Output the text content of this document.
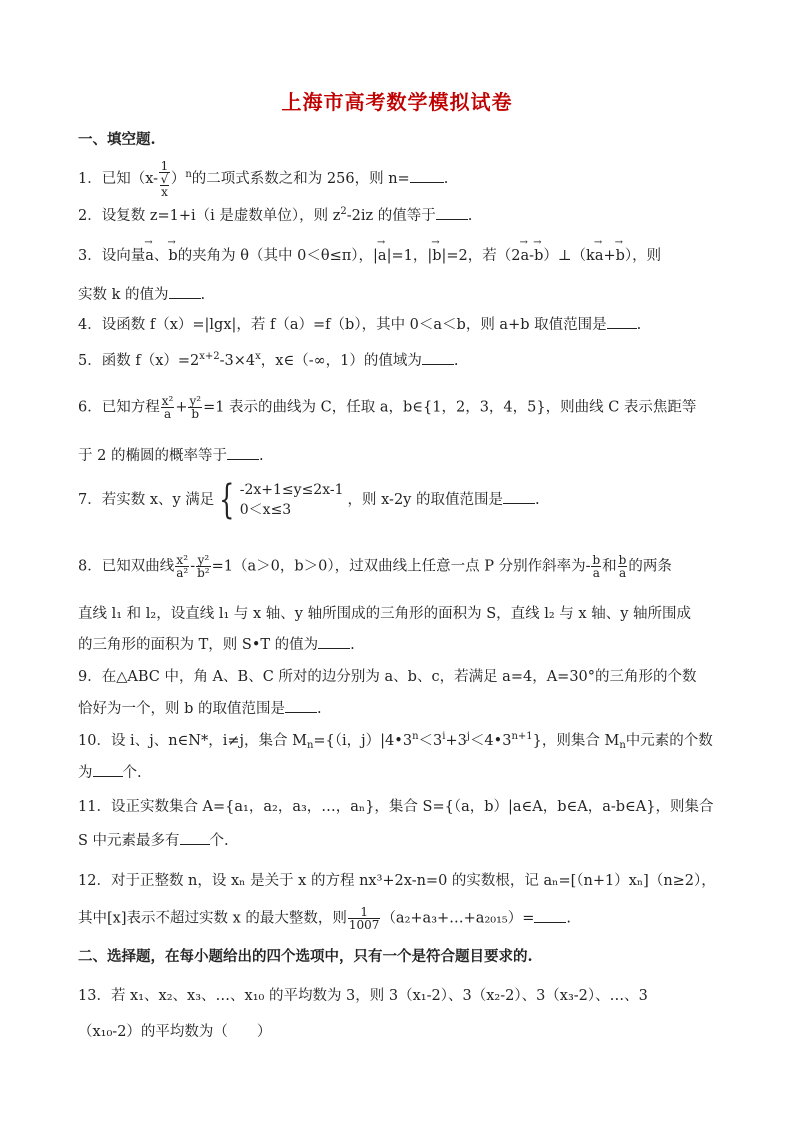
上海市高考数学模拟试卷
一、填空题.
1．已知（x- 1
√
x ）$^n$的二项式系数之和为 256，则 n= .
2．设复数 z=1+i（i 是虚数单位），则 $z^2-2iz$ 的值等于 .
3．设向量→ a、→ b的夹角为 θ（其中 0＜θ≤π），|→ a|=1，|→ b|=2，若（2→ a-→ b）⊥（k→ a+→ b），则
实数 k 的值为 .
4．设函数 f（x）=|lgx|，若 f（a）=f（b），其中 0＜a＜b，则 a+b 取值范围是 .
5．函数 $f(x)=2^{x+2}-3\times 4^x$，x∈（-∞，1）的值域为 .
6．已知方程 $\frac{\text{x²}}{a} + \frac{\text{y²}}{b} =1$ 表示的曲线为 C，任取 a，b∈{1，2，3，4，5}，则曲线 C 表示焦距等
于 2 的椭圆的概率等于 .
7．若实数 x、y 满足 { -2x+1≤y≤2x-1
0＜x≤3
，则 x-2y 的取值范围是 .
8．已知双曲线 $\frac{\text{x²}}{\text{a²}} - \frac{\text{y²}}{\text{b²}} =1(a>0$，b＞0），过双曲线上任意一点 P 分别作斜率为- $\frac{b}{a}$ 和 $\frac{b}{a}$ 的两条
直线 l₁ 和 l₂，设直线 l₁ 与 x 轴、y 轴所围成的三角形的面积为 S，直线 l₂ 与 x 轴、y 轴所围成
的三角形的面积为 T，则 S•T 的值为 .
9．在△ABC 中，角 A、B、C 所对的边分别为 a、b、c，若满足 a=4，A=30°的三角形的个数
恰好为一个，则 b 的取值范围是 .
10．设 i、j、n∈N*，i≠j，集合 $M_n=\{(i$，$j)|4•3^n<3^i+3^j<4•3^{n+1}$}，则集合 $M_n$中元素的个数
为 个.
11．设正实数集合 A={a₁，a₂，a₃，…，aₙ}，集合 S={（a，b）|a∈A，b∈A，a-b∈A}，则集合
S 中元素最多有 个.
12．对于正整数 n，设 xₙ 是关于 x 的方程 nx³+2x-n=0 的实数根，记 aₙ=[（n+1）xₙ]（n≥2），
其中[x]表示不超过实数 x 的最大整数，则 $\frac{1}{1007}$ （a₂+a₃+…+a₂₀₁₅）= .
二、选择题，在每小题给出的四个选项中，只有一个是符合题目要求的.
13．若 x₁、x₂、x₃、…、x₁₀ 的平均数为 3，则 3（x₁-2）、3（x₂-2）、3（x₃-2）、…、3
（x₁₀-2）的平均数为（　　）
